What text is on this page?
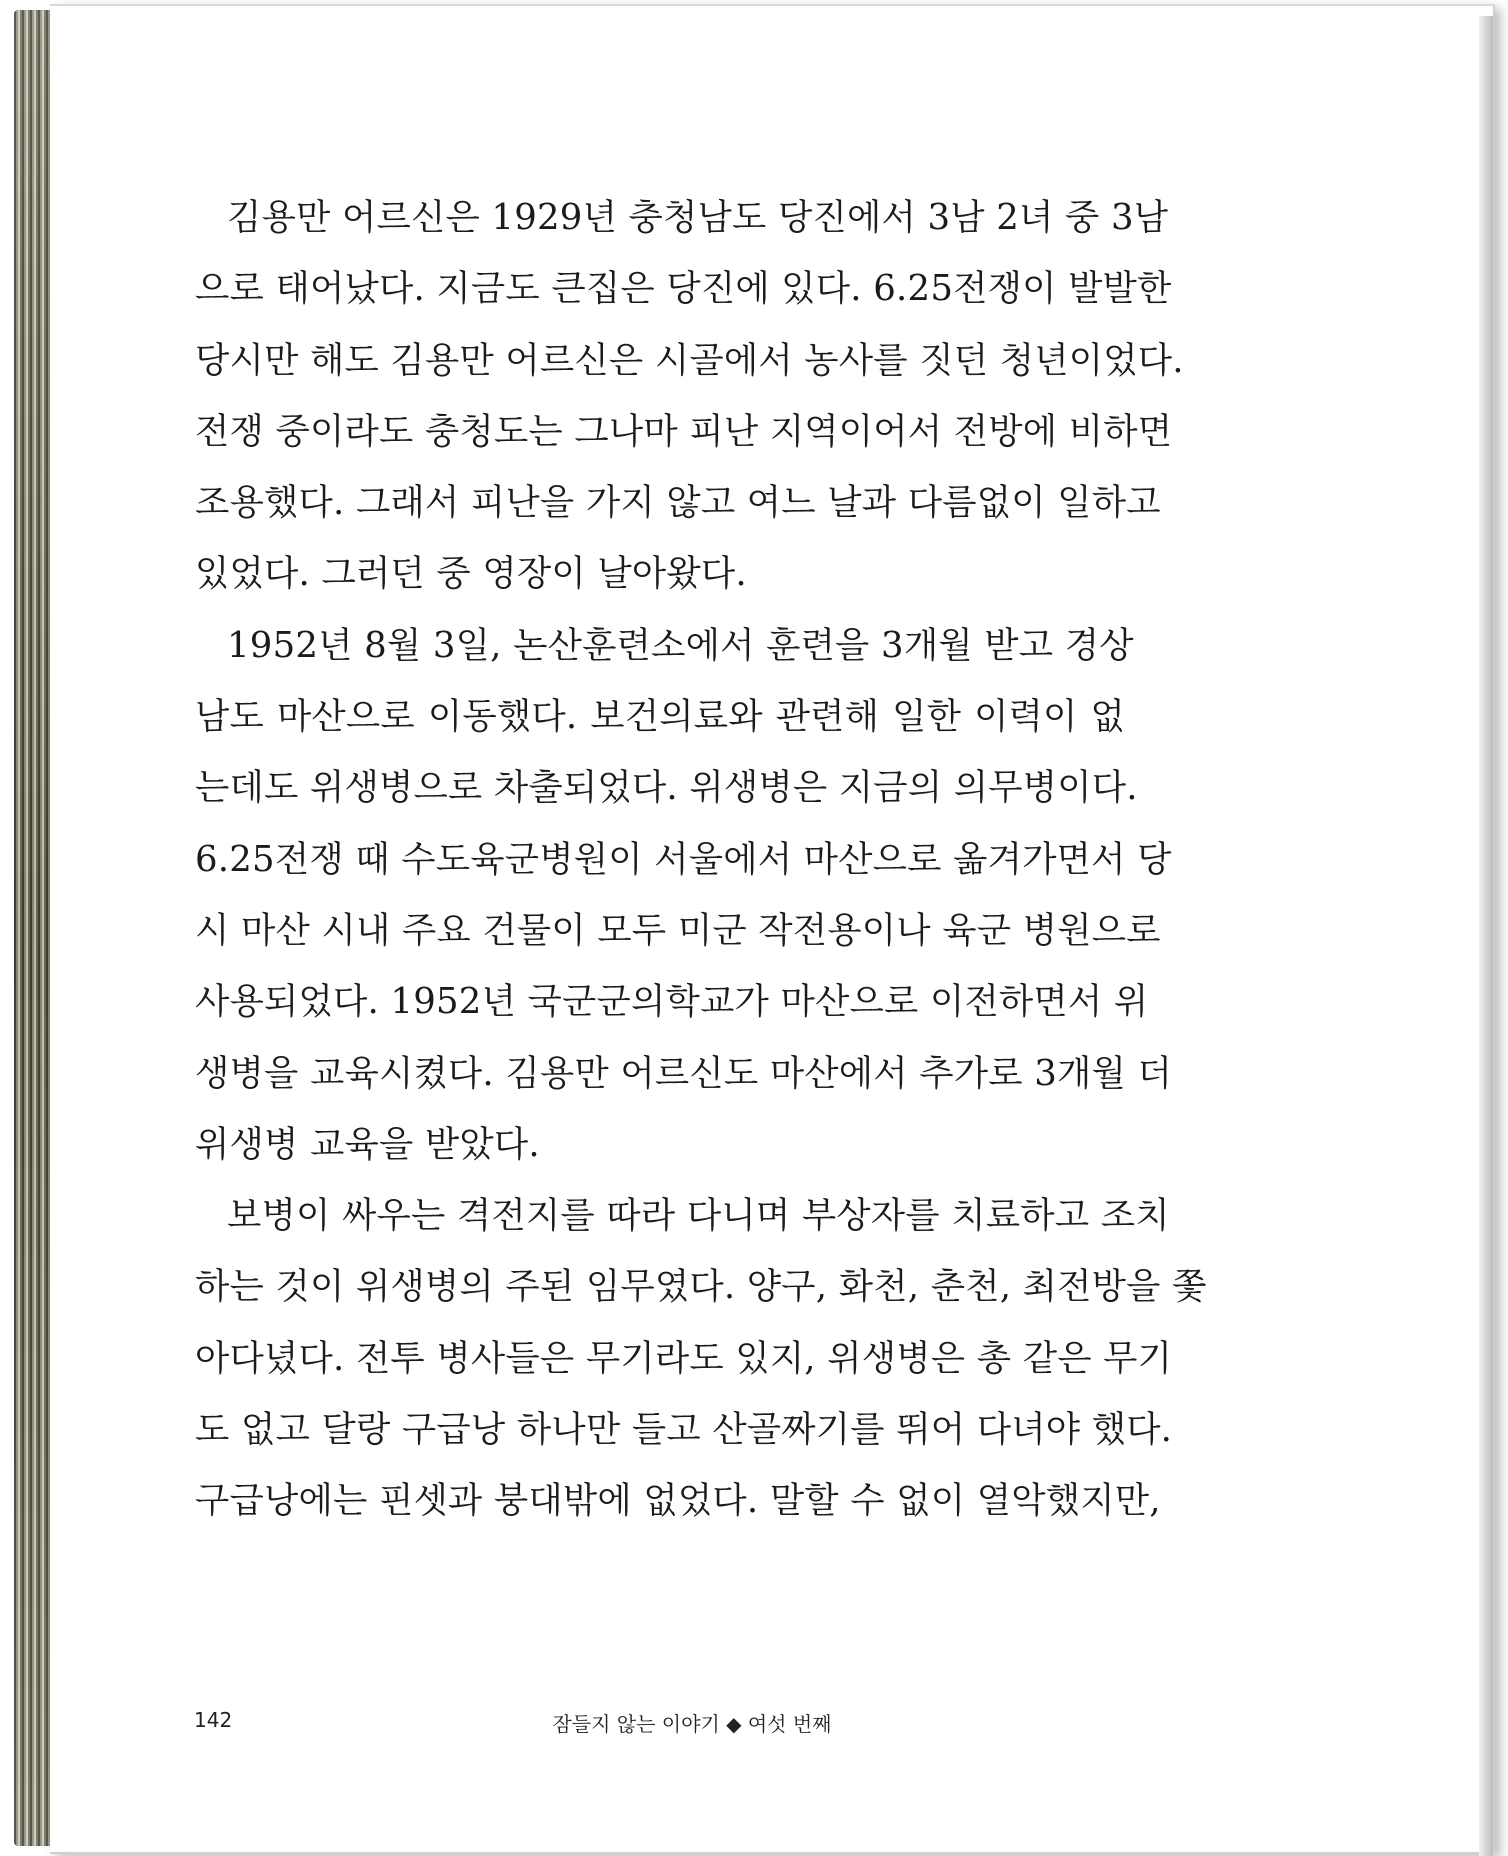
김용만 어르신은 1929년 충청남도 당진에서 3남 2녀 중 3남
으로 태어났다. 지금도 큰집은 당진에 있다. 6.25전쟁이 발발한
당시만 해도 김용만 어르신은 시골에서 농사를 짓던 청년이었다.
전쟁 중이라도 충청도는 그나마 피난 지역이어서 전방에 비하면
조용했다. 그래서 피난을 가지 않고 여느 날과 다름없이 일하고
있었다. 그러던 중 영장이 날아왔다.
1952년 8월 3일, 논산훈련소에서 훈련을 3개월 받고 경상
남도 마산으로 이동했다. 보건의료와 관련해 일한 이력이 없
는데도 위생병으로 차출되었다. 위생병은 지금의 의무병이다.
6.25전쟁 때 수도육군병원이 서울에서 마산으로 옮겨가면서 당
시 마산 시내 주요 건물이 모두 미군 작전용이나 육군 병원으로
사용되었다. 1952년 국군군의학교가 마산으로 이전하면서 위
생병을 교육시켰다. 김용만 어르신도 마산에서 추가로 3개월 더
위생병 교육을 받았다.
보병이 싸우는 격전지를 따라 다니며 부상자를 치료하고 조치
하는 것이 위생병의 주된 임무였다. 양구, 화천, 춘천, 최전방을 쫓
아다녔다. 전투 병사들은 무기라도 있지, 위생병은 총 같은 무기
도 없고 달랑 구급낭 하나만 들고 산골짜기를 뛰어 다녀야 했다.
구급낭에는 핀셋과 붕대밖에 없었다. 말할 수 없이 열악했지만,
142	잠들지 않는 이야기 ◆ 여섯 번째
